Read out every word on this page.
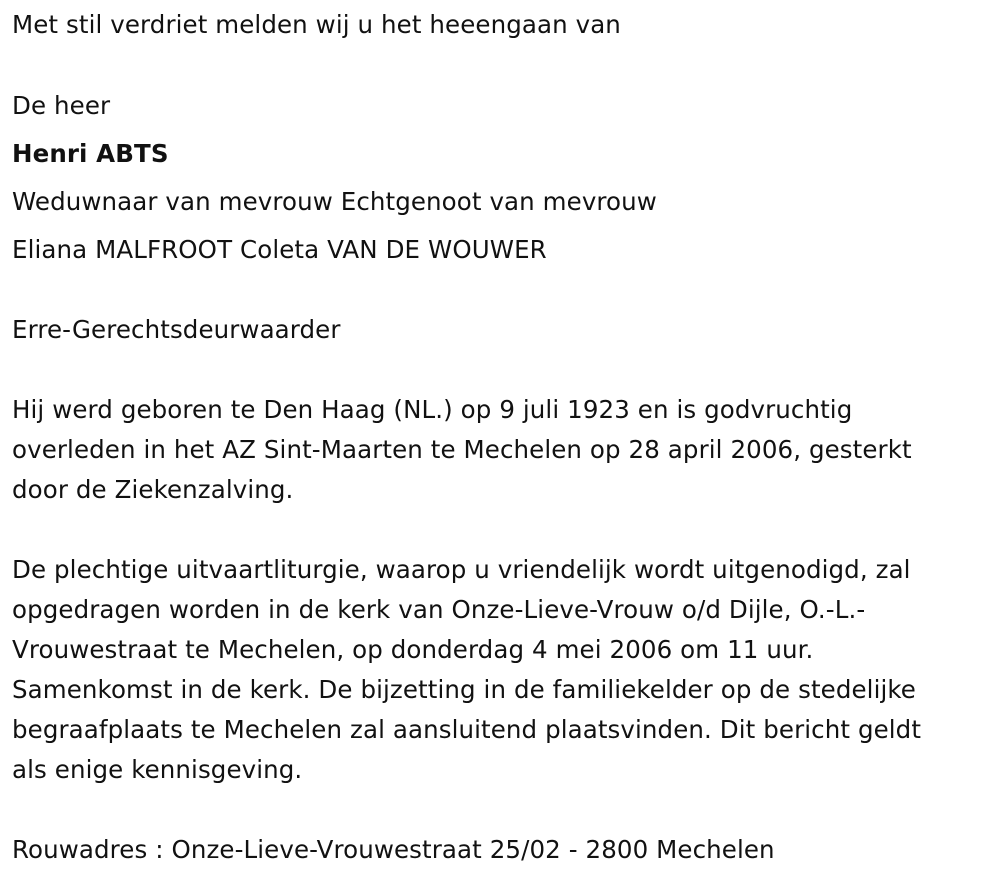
Met stil verdriet melden wij u het heeengaan van
De heer
Henri ABTS
Weduwnaar van mevrouw Echtgenoot van mevrouw
Eliana MALFROOT Coleta VAN DE WOUWER
Erre-Gerechtsdeurwaarder
Hij werd geboren te Den Haag (NL.) op 9 juli 1923 en is godvruchtig
overleden in het AZ Sint-Maarten te Mechelen op 28 april 2006, gesterkt
door de Ziekenzalving.
De plechtige uitvaartliturgie, waarop u vriendelijk wordt uitgenodigd, zal
opgedragen worden in de kerk van Onze-Lieve-Vrouw o/d Dijle, O.-L.-
Vrouwestraat te Mechelen, op donderdag 4 mei 2006 om 11 uur.
Samenkomst in de kerk. De bijzetting in de familiekelder op de stedelijke
begraafplaats te Mechelen zal aansluitend plaatsvinden. Dit bericht geldt
als enige kennisgeving.
Rouwadres : Onze-Lieve-Vrouwestraat 25/02 - 2800 Mechelen
